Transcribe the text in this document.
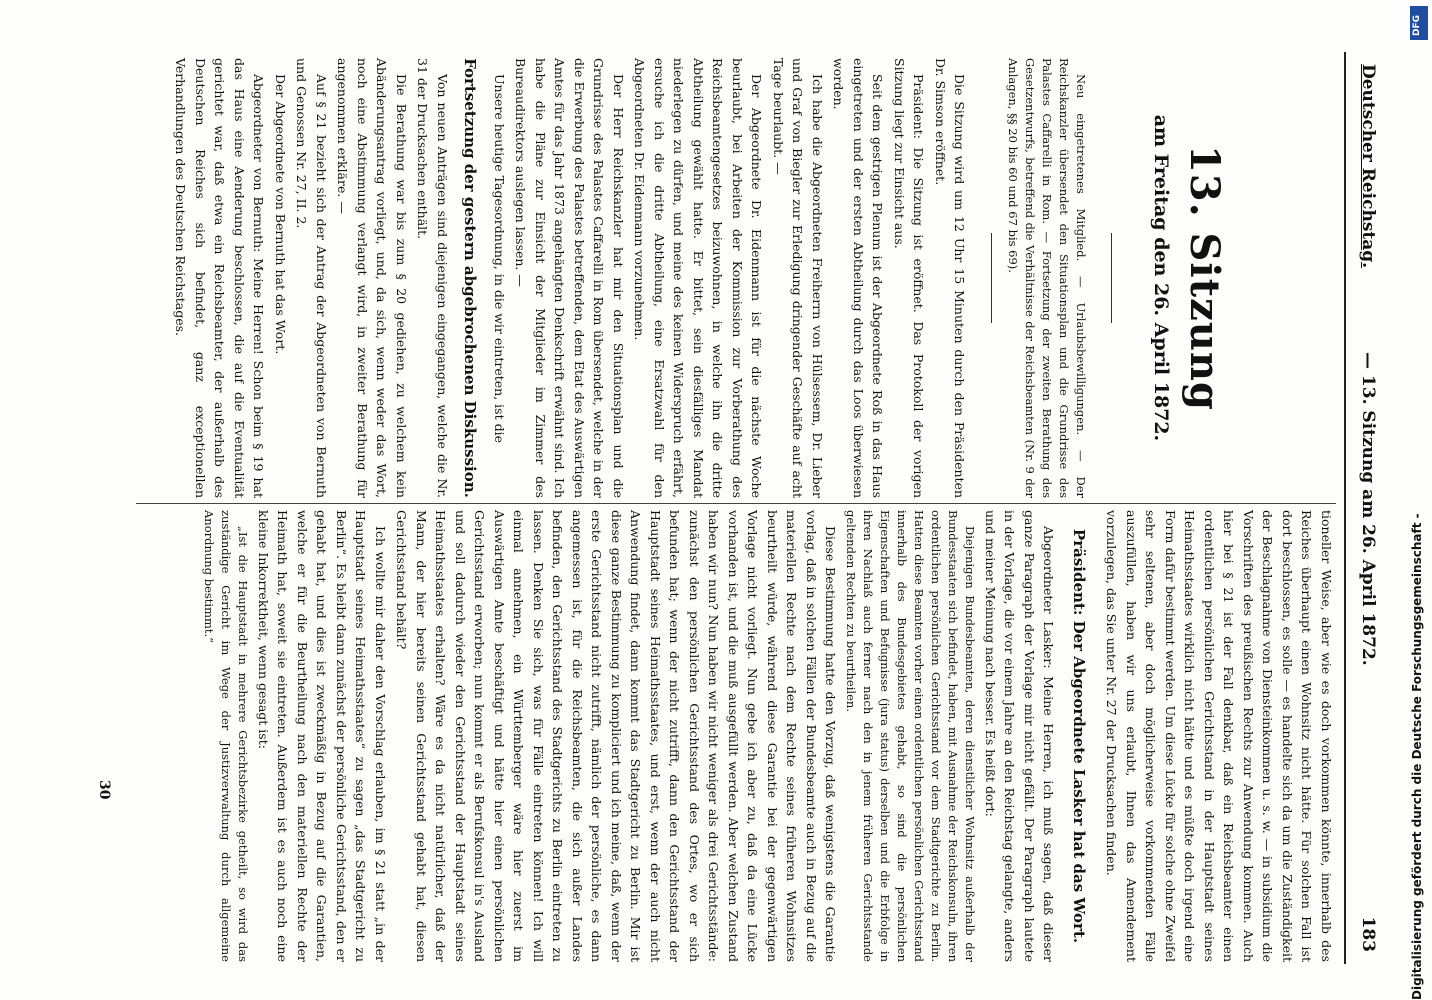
Deutscher Reichstag.
— 13. Sitzung am 26. April 1872.
183
13. Sitzung
am Freitag den 26. April 1872.

Neu eingetretenes Mitglied. — Urlaubsbewilligungen. — Der Reichskanzler übersendet den Situationsplan und die Grundrisse des Palastes Caffarelli in Rom. — Fortsetzung der zweiten Berathung des Gesetzentwurfs, betreffend die Verhältnisse der Reichsbeamten (Nr. 9 der Anlagen, §§ 20 bis 60 und 67 bis 69).

Die Sitzung wird um 12 Uhr 15 Minuten durch den Präsidenten Dr. Simson eröffnet.

Präsident: Die Sitzung ist eröffnet. Das Protokoll der vorigen Sitzung liegt zur Einsicht aus.

Seit dem gestrigen Plenum ist der Abgeordnete Roß in das Haus eingetreten und der ersten Abtheilung durch das Loos überwiesen worden.

Ich habe die Abgeordneten Freiherrn von Hülsessem, Dr. Lieber und Graf von Biegler zur Erledigung dringender Geschäfte auf acht Tage beurlaubt. —

Der Abgeordnete Dr. Eidenmann ist für die nächste Woche beurlaubt, bei Arbeiten der Kommission zur Vorberathung des Reichsbeamtengesetzes beizuwohnen, in welche ihn die dritte Abtheilung gewählt hatte. Er bittet, sein diesfälliges Mandat niederlegen zu dürfen, und meine des keinen Widerspruch erfährt, ersuche ich die dritte Abtheilung, eine Ersatzwahl für den Abgeordneten Dr. Eidenmann vorzunehmen.

Der Herr Reichskanzler hat mir den Situationsplan und die Grundrisse des Palastes Caffarelli in Rom übersendet, welche in der die Erwerbung des Palastes betreffenden, dem Etat des Auswärtigen Amtes für das Jahr 1873 angehängten Denkschrift erwähnt sind. Ich habe die Pläne zur Einsicht der Mitglieder im Zimmer des Bureaudirektors auslegen lassen. —

Unsere heutige Tagesordnung, in die wir eintreten, ist die

Fortsetzung der gestern abgebrochenen Diskussion.

Von neuen Anträgen sind diejenigen eingegangen, welche die Nr. 31 der Drucksachen enthält.

Die Berathung war bis zum § 20 gediehen, zu welchem kein Abänderungsantrag vorliegt, und, da sich, wenn weder das Wort, noch eine Abstimmung verlangt wird, in zweiter Berathung für angenommen erkläre. —

Auf § 21 bezieht sich der Antrag der Abgeordneten von Bernuth und Genossen Nr. 27, II. 2.

Der Abgeordnete von Bernuth hat das Wort.

Abgeordneter von Bernuth: Meine Herren! Schon beim § 19 hat das Haus eine Aenderung beschlossen, die auf die Eventualität gerichtet war, daß etwa ein Reichsbeamter, der außerhalb des Deutschen Reiches sich befindet, ganz exceptionellen Verhandlungen des Deutschen Reichstages.

tioneller Weise, aber wie es doch vorkommen könnte, innerhalb des Reiches überhaupt einen Wohnsitz nicht hätte. Für solchen Fall ist dort beschlossen, es solle — es handelte sich da um die Zuständigkeit der Beschlagnahme von Diensteinkommen u. s. w. — in subsidium die Vorschriften des preußischen Rechts zur Anwendung kommen. Auch hier bei § 21 ist der Fall denkbar, daß ein Reichsbeamter einen ordentlichen persönlichen Gerichtsstand in der Hauptstadt seines Heimathsstaates wirklich nicht hätte und es müßte doch irgend eine Form dafür bestimmt werden. Um diese Lücke für solche ohne Zweifel sehr seltenen, aber doch möglicherweise vorkommenden Fälle auszufüllen, haben wir uns erlaubt, Ihnen das Amendement vorzulegen, das Sie unter Nr. 27 der Drucksachen finden.

Präsident: Der Abgeordnete Lasker hat das Wort.

Abgeordneter Lasker: Meine Herren, ich muß sagen, daß dieser ganze Paragraph der Vorlage mir nicht gefällt. Der Paragraph lautete in der Vorlage, die vor einem Jahre an den Reichstag gelangte, anders und meiner Meinung nach besser. Es heißt dort:

Diejenigen Bundesbeamten, deren dienstlicher Wohnsitz außerhalb der Bundesstaaten sich befindet, haben, mit Ausnahme der Reichskonsuln, ihren ordentlichen persönlichen Gerichtsstand vor dem Stadtgerichte zu Berlin. Hatten diese Beamten vorher einen ordentlichen persönlichen Gerichtsstand innerhalb des Bundesgebietes gehabt, so sind die persönlichen Eigenschaften und Befugnisse (jura status) derselben und die Erbfolge in ihren Nachlaß auch ferner nach den in jenem früheren Gerichtsstande geltenden Rechten zu beurtheilen.

Diese Bestimmung hatte den Vorzug, daß wenigstens die Garantie vorlag, daß in solchen Fällen der Bundesbeamte auch in Bezug auf die materiellen Rechte nach dem Rechte seines früheren Wohnsitzes beurtheilt würde, während diese Garantie bei der gegenwärtigen Vorlage nicht vorliegt. Nun gebe ich aber zu, daß da eine Lücke vorhanden ist, und die muß ausgefüllt werden. Aber welchen Zustand haben wir nun? Nun haben wir nicht weniger als drei Gerichtsstände: zunächst den persönlichen Gerichtsstand des Ortes, wo er sich befunden hat; wenn der nicht zutrifft, dann den Gerichtsstand der Hauptstadt seines Heimathsstaates, und erst, wenn der auch nicht Anwendung findet, dann kommt das Stadtgericht zu Berlin. Mir ist diese ganze Bestimmung zu kompliciert und ich meine, daß, wenn der erste Gerichtsstand nicht zutrifft, nämlich der persönliche, es dann angemessen ist, für die Reichsbeamten, die sich außer Landes befinden, den Gerichtsstand des Stadtgerichts zu Berlin eintreten zu lassen. Denken Sie sich, was für Fälle eintreten können! Ich will einmal annehmen, ein Württemberger wäre hier zuerst im Auswärtigen Amte beschäftigt und hätte hier einen persönlichen Gerichtsstand erworben; nun kommt er als Berufskonsul in's Ausland und soll dadurch wieder den Gerichtsstand der Hauptstadt seines Heimathsstaates erhalten? Wäre es da nicht natürlicher, daß der Mann, der hier bereits seinen Gerichtsstand gehabt hat, diesen Gerichtsstand behält?

Ich wollte mir daher den Vorschlag erlauben, im § 21 statt „in der Hauptstadt seines Heimathsstaates“ zu sagen „das Stadtgericht zu Berlin“. Es bleibt dann zunächst der persönliche Gerichtsstand, den er gehabt hat, und dies ist zweckmäßig in Bezug auf die Garantien, welche er für die Beurtheilung nach den materiellen Rechte der Heimath hat, soweit sie eintreten. Außerdem ist es auch noch eine kleine Inkorrektheit, wenn gesagt ist:

„Ist die Hauptstadt in mehrere Gerichtsbezirke getheilt, so wird das zuständige Gericht im Wege der Justizverwaltung durch allgemeine Anordnung bestimmt.“

30	Digitalisierung gefördert durch die Deutsche Forschungsgemeinschaft -
DFG
